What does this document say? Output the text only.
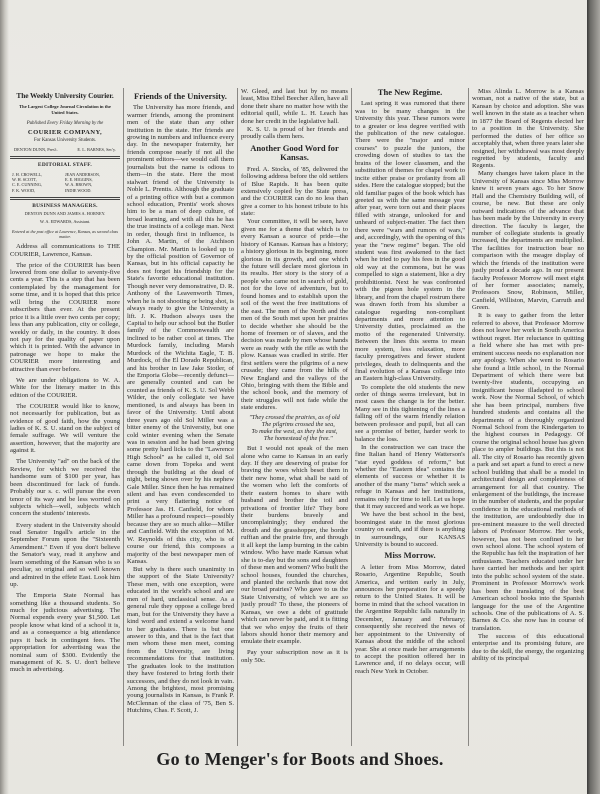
The Weekly University Courier.
The Largest College Journal Circulation in the United States.
Published Every Friday Morning by the
COURIER COMPANY,
For Kansas University Students.
DENTON DUNN, Pres't.	E. L. BARNES, Sec'y.
EDITORIAL STAFF.
J. H. CROWELL,	JEAN ANDERSON,
W. H. SCOTT,	E. E. HIGGINS,
C. E. CUNNING,	W. A. BROWN,
F. K. WOOD,	INDIE WOOD.
BUSINESS MANAGERS.
DENTON DUNN AND JAMES A. HORNEY.
W. A. EDWARDS, Assistant.
Entered at the post office at Lawrence, Kansas, as second class matter.

Address all communications to THE COURIER, Lawrence, Kansas.

The price of the COURIER has been lowered from one dollar to seventy-five cents a year. This is a step that has been contemplated by the management for some time, and it is hoped that this price will bring the COURIER more subscribers than ever. At the present price it is a little over two cents per copy; less than any publication, city or college, weekly or daily, in the country. It does not pay for the quality of paper upon which it is printed. With the advance in patronage we hope to make the COURIER more interesting and attractive than ever before.

We are under obligations to W. A. White for the literary matter in this edition of the COURIER.

The COURIER would like to know, not necessarily for publication, but as evidence of good faith, how the young ladies of K. S. U. stand on the subject of female suffrage. We will venture the assertion, however, that the majority are against it.

The University "ad" on the back of the Review, for which we received the handsome sum of $100 per year, has been discontinued for lack of funds. Probably our s. c. will pursue the even tenor of its way and be less worried on subjects which—well, subjects which concern the students' interests.

Every student in the University should read Senator Ingall's article in the September Forum upon the "Sixteenth Amendment." Even if you don't believe the Senator's way, read it anyhow and learn something of the Kansan who is so peculiar, so original and so well known and admired in the effete East. Look him up.

The Emporia State Normal has something like a thousand students. So much for judicious advertising. The Normal expends every year $1,500. Let people know what kind of a school it is, and as a consequence a big attendance pays it back in contingent fees. The appropriation for advertising was the nominal sum of $300. Evidently the management of K. S. U. don't believe much in advertising.

Friends of the University.

The University has more friends, and warmer friends, among the prominent men of the state than any other institution in the state. Her friends are growing in numbers and influence every day. In the newspaper fraternity, her friends compose nearly if not all the prominent editors—we would call them journalists but the name is odious to them—in the state. Here the most stalwart friend of the University is Noble L. Prentis. Although the graduate of a printing office with but a common school education, Prentis' work shows him to be a man of deep culture, of broad learning, and with all this he has the true instincts of a college man. Next in order, though first in influence, is John A. Martin, of the Atchison Champion. Mr. Martin is looked up to by the official position of Governor of Kansas, but in his official capacity he does not forget his friendship for the State's favorite educational institution. Though never very demonstrative, D. R. Anthony of the Leavenworth Times, when he is not shooting or being shot, is always ready to give the University a lift. J. K. Hudson always uses the Capital to help our school but the Butler family of the Commonwealth are inclined to be rather cool at times. The Murdock family, including Marsh Murdock of the Wichita Eagle, T. B. Murdock, of the El Dorado Republican, and his brother in law Jake Stotler, of the Emporia Globe—recently defunct—are generally counted and can be counted as friends of K. S. U. Sol Webb Wilder, the only collegiate we have mentioned, is and always has been in favor of the University. Until about three years ago old Sol Miller was a bitter enemy of the University, but one cold winter evening when the Senate was in session and he had been giving some pretty hard licks to the "Lawrence High School" as he called it, old Sol came down from Topeka and went through the building at the dead of night, being shown over by his nephew Gale Miller. Since then he has remained silent and has even condescended to print a very flattering notice of Professor Jas. H. Canfield, for whom Miller has a profound respect—possibly because they are so much alike—Miller and Canfield. With the exception of M. W. Reynolds of this city, who is of course our friend, this composes a majority of the best newspaper men of Kansas.

But why is there such unanimity in the support of the State University? These men, with one exception, were educated in the world's school and are men of hard, unclassical sense. As a general rule they oppose a college bred man, but for the University they have a kind word and extend a welcome hand to her graduates. There is but one answer to this, and that is the fact that men whom these men meet, coming from the University, are living recommendations for that institution. The graduates look to the institution they have fostered to bring forth their successors, and they do not look in vain. Among the brightest, most promising young journalists in Kansas, is Frank P. McClennan of the class of '75, Ben S. Hutchins, Chas. F. Scott, J.

W. Gleed, and last but by no means least, Miss Ethel Beecher Allen, have all done their share no matter how with the editorial quill, while L. H. Leach has done her credit in the legislative hall.

K. S. U. is proud of her friends and proudly calls them hers.

Another Good Word for Kansas.

Fred. A. Stocks, of '85, delivered the following address before the old settlers of Blue Rapids. It has been quite extensively copied by the State press, and the COURIER can do no less than give a corner to his honest tribute to his state:

Your committee, it will be seen, have given me for a theme that which is to every Kansan a source of pride—the history of Kansas. Kansas has a history; a history glorious in its beginning, more glorious in its growth, and one which the future will declare most glorious in its results. Her story is the story of a people who came not in search of gold, not for the love of adventure, but to found homes and to establish upon the soil of the west the free institutions of the east. The men of the North and the men of the South met upon her prairies to decide whether she should be the home of freemen or of slaves, and the decision was made by men whose hands were as ready with the rifle as with the plow. Kansas was cradled in strife. Her first settlers were the pilgrims of a new crusade; they came from the hills of New England and the valleys of the Ohio, bringing with them the Bible and the school book, and the memory of their struggles will not fade while the state endures.

"They crossed the prairies, as of old
The pilgrims crossed the sea,
To make the west, as they the east,
The homestead of the free."

But I would not speak of the men alone who came to Kansas in an early day. If they are deserving of praise for braving the woes which beset them in their new home, what shall be said of the women who left the comforts of their eastern homes to share with husband and brother the toil and privations of frontier life? They bore their burdens bravely and uncomplainingly; they endured the drouth and the grasshopper, the border ruffian and the prairie fire, and through it all kept the lamp burning in the cabin window. Who have made Kansas what she is to-day but the sons and daughters of these men and women? Who built the school houses, founded the churches, and planted the orchards that now dot our broad prairies? Who gave to us the State University, of which we are so justly proud? To these, the pioneers of Kansas, we owe a debt of gratitude which can never be paid, and it is fitting that we who enjoy the fruits of their labors should honor their memory and emulate their example.

Pay your subscription now as it is only 50c.

The New Regime.

Last spring it was rumored that there was to be many changes in the University this year. These rumors were to a greater or less degree verified with the publication of the new catalogue. There were the "major and minor courses" to puzzle the juniors, the crowding down of studies to tax the brains of the lower classmen, and the substitution of themes for chapel work to incite either praise or profanity from all sides. Here the catalogue stopped; but the old familiar pages of the book which has greeted us with the same message year after year, were torn out and their places filled with strange, unlooked for and unheard of subject-matter. The fact then there were "wars and rumors of wars," and, accordingly, with the opening of this year the "new regime" began. The old student was first awakened to the fact when he tried to pay his fees in the good old way at the commons, but he was compelled to sign a statement, like a dry prohibitionist. Next he was confronted with the pigeon hole system in the library, and from the chapel rostrum there was drawn forth from his slumber a catalogue regarding non-compliant departments and more attention to University duties, proclaimed as the motto of the regenerated University. Between the lines this seems to mean more system, less relaxation, more faculty prerogatives and fewer student privileges, death to delinquents and the final evolution of a Kansas college into an Eastern high-class University.

To complete the old students the new order of things seems irrelevant, but in most cases the change is for the better. Many see in this tightening of the lines a falling off of the warm friendly relation between professor and pupil, but all can see a promise of better, harder work to balance the loss.

In the construction we can trace the fine Italian hand of Henry Watterson's "star eyed goddess of reform," but whether the "Eastern idea" contains the elements of success or whether it is another of the many "isms" which seek a refuge in Kansas and her institutions, remains only for time to tell. Let us hope that it may succeed and work as we hope.

We have the best school in the best, boomingest state in the most glorious country on earth, and if there is anything in surroundings, our KANSAS University is bound to succeed.

Miss Morrow.

A letter from Miss Morrow, dated Rosario, Argentine Republic, South America, and written early in July, announces her preparation for a speedy return to the United States. It will be borne in mind that the school vacation in the Argentine Republic falls naturally in December, January and February; consequently she received the news of her appointment to the University of Kansas about the middle of the school year. She at once made her arrangements to accept the position offered her in Lawrence and, if no delays occur, will reach New York in October.

Miss Alinda L. Morrow is a Kansas woman, not a native of the state, but a Kansan by choice and adoption. She was well known in the state as a teacher when in 1877 the Board of Regents elected her to a position in the University. She performed the duties of her office so acceptably that, when three years later she resigned, her withdrawal was most deeply regretted by students, faculty and Regents.

Many changes have taken place in the University of Kansas since Miss Morrow knew it seven years ago. To her Snow Hall and the Chemistry Building will, of course, be new. But these are only outward indications of the advance that has been made by the University in every direction. The faculty is larger, the number of collegiate students is greatly increased, the departments are multiplied. The facilities for instruction bear no comparison with the meagre display of which the friends of the institution were justly proud a decade ago. In our present faculty Professor Morrow will meet eight of her former associates; namely, Professors Snow, Robinson, Miller, Canfield, Williston, Marvin, Carruth and Green.

It is easy to gather from the letter referred to above, that Professor Morrow does not leave her work in South America without regret. Her reluctance in quitting a field where she has met with pre-eminent success needs no explanation nor any apology. When she went to Rosario she found a little school, in the Normal Department of which there were but twenty-five students, occupying an insignificant house illadapted to school work. Now the Normal School, of which she has been principal, numbers five hundred students and contains all the departments of a thoroughly organized Normal School from the Kindergarten to the highest courses in Pedagogy. Of course the original school house has given place to ampler buildings. But this is not all. The city of Rosario has recently given a park and set apart a fund to erect a new school building that shall be a model in architectural design and completeness of arrangement for all that country. The enlargement of the buildings, the increase in the number of students, and the popular confidence in the educational methods of the institution, are undoubtedly due in pre-eminent measure to the well directed labors of Professor Morrow. Her work, however, has not been confined to her own school alone. The school system of the Republic has felt the inspiration of her enthusiasm. Teachers educated under her have carried her methods and her spirit into the public school system of the state. Prominent in Professor Morrow's work has been the translating of the best American school books into the Spanish language for the use of the Argentine schools. One of the publications of A. S. Barnes & Co. she now has in course of translation.

The success of this educational enterprise and its promising future, are due to the skill, the energy, the organizing ability of its principal

Go to Menger's for Boots and Shoes.
